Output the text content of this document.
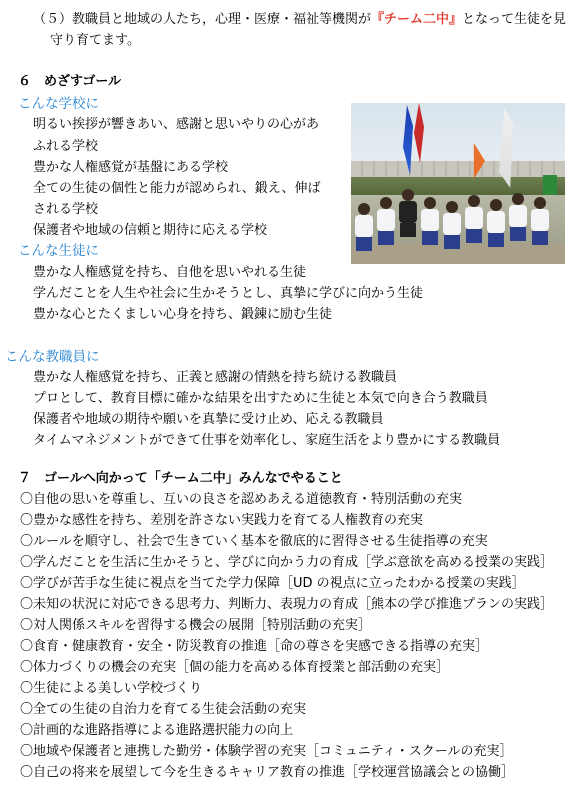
（５）教職員と地域の人たち，心理・医療・福祉等機関が『チーム二中』となって生徒を見
守り育てます。
６　めざすゴール
こんな学校に
明るい挨拶が響きあい、感謝と思いやりの心があ
ふれる学校
豊かな人権感覚が基盤にある学校
全ての生徒の個性と能力が認められ、鍛え、伸ば
される学校
保護者や地域の信頼と期待に応える学校
こんな生徒に
豊かな人権感覚を持ち、自他を思いやれる生徒
学んだことを人生や社会に生かそうとし、真摯に学びに向かう生徒
豊かな心とたくましい心身を持ち、鍛錬に励む生徒
こんな教職員に
豊かな人権感覚を持ち、正義と感謝の情熱を持ち続ける教職員
プロとして、教育目標に確かな結果を出すために生徒と本気で向き合う教職員
保護者や地域の期待や願いを真摯に受け止め、応える教職員
タイムマネジメントができて仕事を効率化し、家庭生活をより豊かにする教職員
７　ゴールへ向かって「チーム二中」みんなでやること
〇自他の思いを尊重し、互いの良さを認めあえる道徳教育・特別活動の充実
〇豊かな感性を持ち、差別を許さない実践力を育てる人権教育の充実
〇ルールを順守し、社会で生きていく基本を徹底的に習得させる生徒指導の充実
〇学んだことを生活に生かそうと、学びに向かう力の育成［学ぶ意欲を高める授業の実践］
〇学びが苦手な生徒に視点を当てた学力保障［UD の視点に立ったわかる授業の実践］
〇未知の状況に対応できる思考力、判断力、表現力の育成［熊本の学び推進プランの実践］
〇対人関係スキルを習得する機会の展開［特別活動の充実］
〇食育・健康教育・安全・防災教育の推進［命の尊さを実感できる指導の充実］
〇体力づくりの機会の充実［個の能力を高める体育授業と部活動の充実］
〇生徒による美しい学校づくり
〇全ての生徒の自治力を育てる生徒会活動の充実
〇計画的な進路指導による進路選択能力の向上
〇地域や保護者と連携した勤労・体験学習の充実［コミュニティ・スクールの充実］
〇自己の将来を展望して今を生きるキャリア教育の推進［学校運営協議会との協働］
